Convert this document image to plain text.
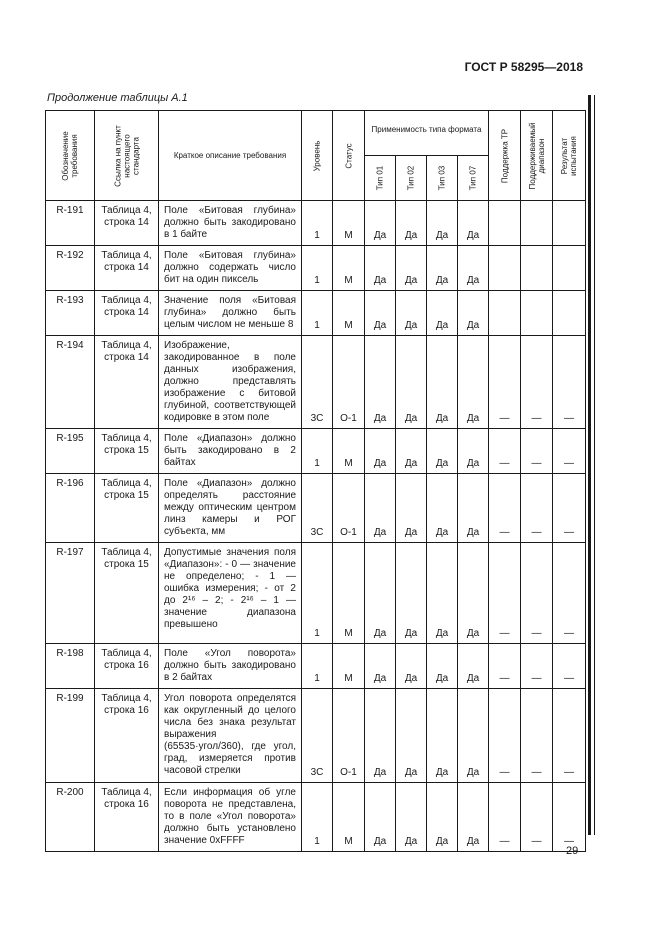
ГОСТ Р 58295—2018
Продолжение таблицы А.1
Обозначение требования	Ссылка на пункт настоящего стандарта	Краткое описание требования	Уровень	Статус	Применимость типа формата				Поддержка ТР	Поддерживаемый диапазон	Результат испытания

					Тип 01	Тип 02	Тип 03	Тип 07			

R-191	Таблица 4, строка 14	Поле «Битовая глубина» должно быть закодировано в 1 байте	1	M	Да	Да	Да	Да			
R-192	Таблица 4, строка 14	Поле «Битовая глубина» должно содержать число бит на один пиксель	1	M	Да	Да	Да	Да			
R-193	Таблица 4, строка 14	Значение поля «Битовая глубина» должно быть целым числом не меньше 8	1	M	Да	Да	Да	Да			
R-194	Таблица 4, строка 14	Изображение, закодированное в поле данных изображения, должно представлять изображение с битовой глубиной, соответствующей кодировке в этом поле	3С	О-1	Да	Да	Да	Да	—	—	—
R-195	Таблица 4, строка 15	Поле «Диапазон» должно быть закодировано в 2 байтах	1	M	Да	Да	Да	Да	—	—	—
R-196	Таблица 4, строка 15	Поле «Диапазон» должно определять расстояние между оптическим центром линз камеры и РОГ субъекта, мм	3С	О-1	Да	Да	Да	Да	—	—	—
R-197	Таблица 4, строка 15	Допустимые значения поля «Диапазон»: - 0 — значение не определено; - 1 — ошибка измерения; - от 2 до 2¹⁶ – 2; - 2¹⁶ – 1 — значение диапазона превышено	1	M	Да	Да	Да	Да	—	—	—
R-198	Таблица 4, строка 16	Поле «Угол поворота» должно быть закодировано в 2 байтах	1	M	Да	Да	Да	Да	—	—	—
R-199	Таблица 4, строка 16	Угол поворота определятся как округленный до целого числа без знака результат выражения (65535·угол/360), где угол, град, измеряется против часовой стрелки	3С	О-1	Да	Да	Да	Да	—	—	—
R-200	Таблица 4, строка 16	Если информация об угле поворота не представлена, то в поле «Угол поворота» должно быть установлено значение 0xFFFF	1	M	Да	Да	Да	Да	—	—	—
29
